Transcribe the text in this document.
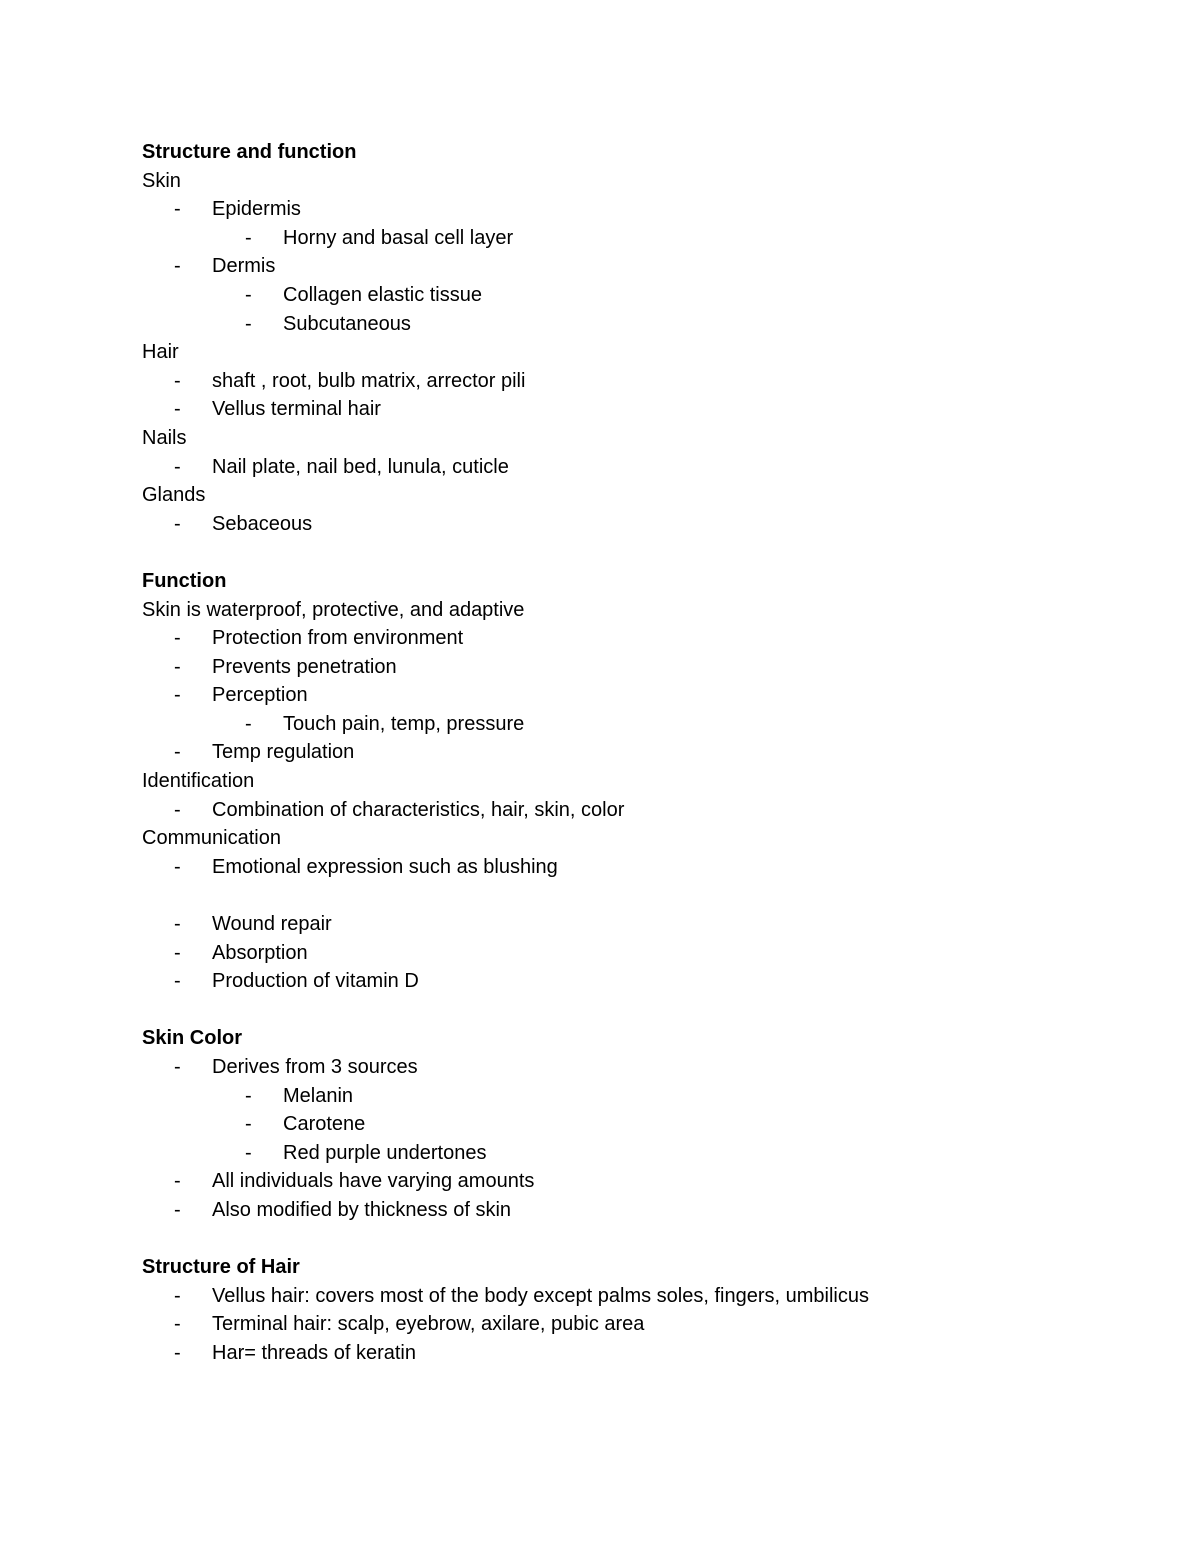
Structure and function
Skin
- Epidermis
- Horny and basal cell layer
- Dermis
- Collagen elastic tissue
- Subcutaneous
Hair
- shaft , root, bulb matrix, arrector pili
- Vellus terminal hair
Nails
- Nail plate, nail bed, lunula, cuticle
Glands
- Sebaceous
Function
Skin is waterproof, protective, and adaptive
- Protection from environment
- Prevents penetration
- Perception
- Touch pain, temp, pressure
- Temp regulation
Identification
- Combination of characteristics, hair, skin, color
Communication
- Emotional expression such as blushing
- Wound repair
- Absorption
- Production of vitamin D
Skin Color
- Derives from 3 sources
- Melanin
- Carotene
- Red purple undertones
- All individuals have varying amounts
- Also modified by thickness of skin
Structure of Hair
- Vellus hair: covers most of the body except palms soles, fingers, umbilicus
- Terminal hair: scalp, eyebrow, axilare, pubic area
- Har= threads of keratin
